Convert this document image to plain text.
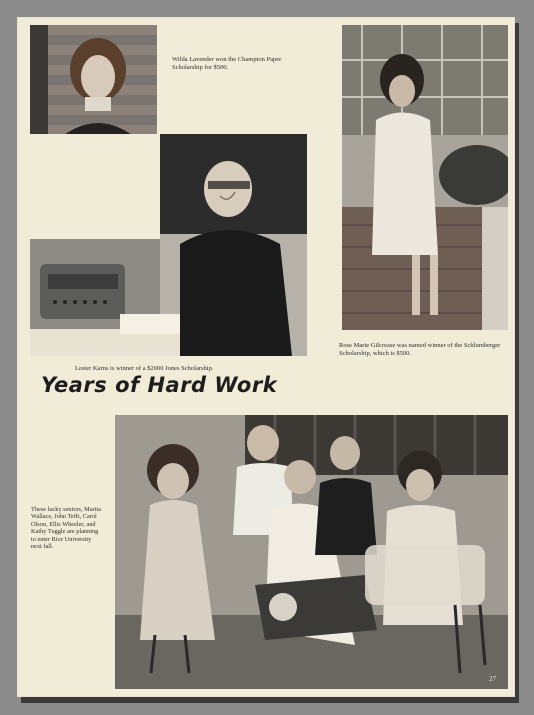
Wilda Lavender won the Champion Paper Scholarship for $500.

Rose Marie Gilcrease was named winner of the Schlumberger Scholarship, which is $500.

Lester Karns is winner of a $2000 Jones Scholarship.

Years of Hard Work
27

These lucky seniors, Marita Wallace, John Tefft, Carol Olson, Ellis Wheeler, and Kathy Tuggle are planning to enter Rice University next fall.
